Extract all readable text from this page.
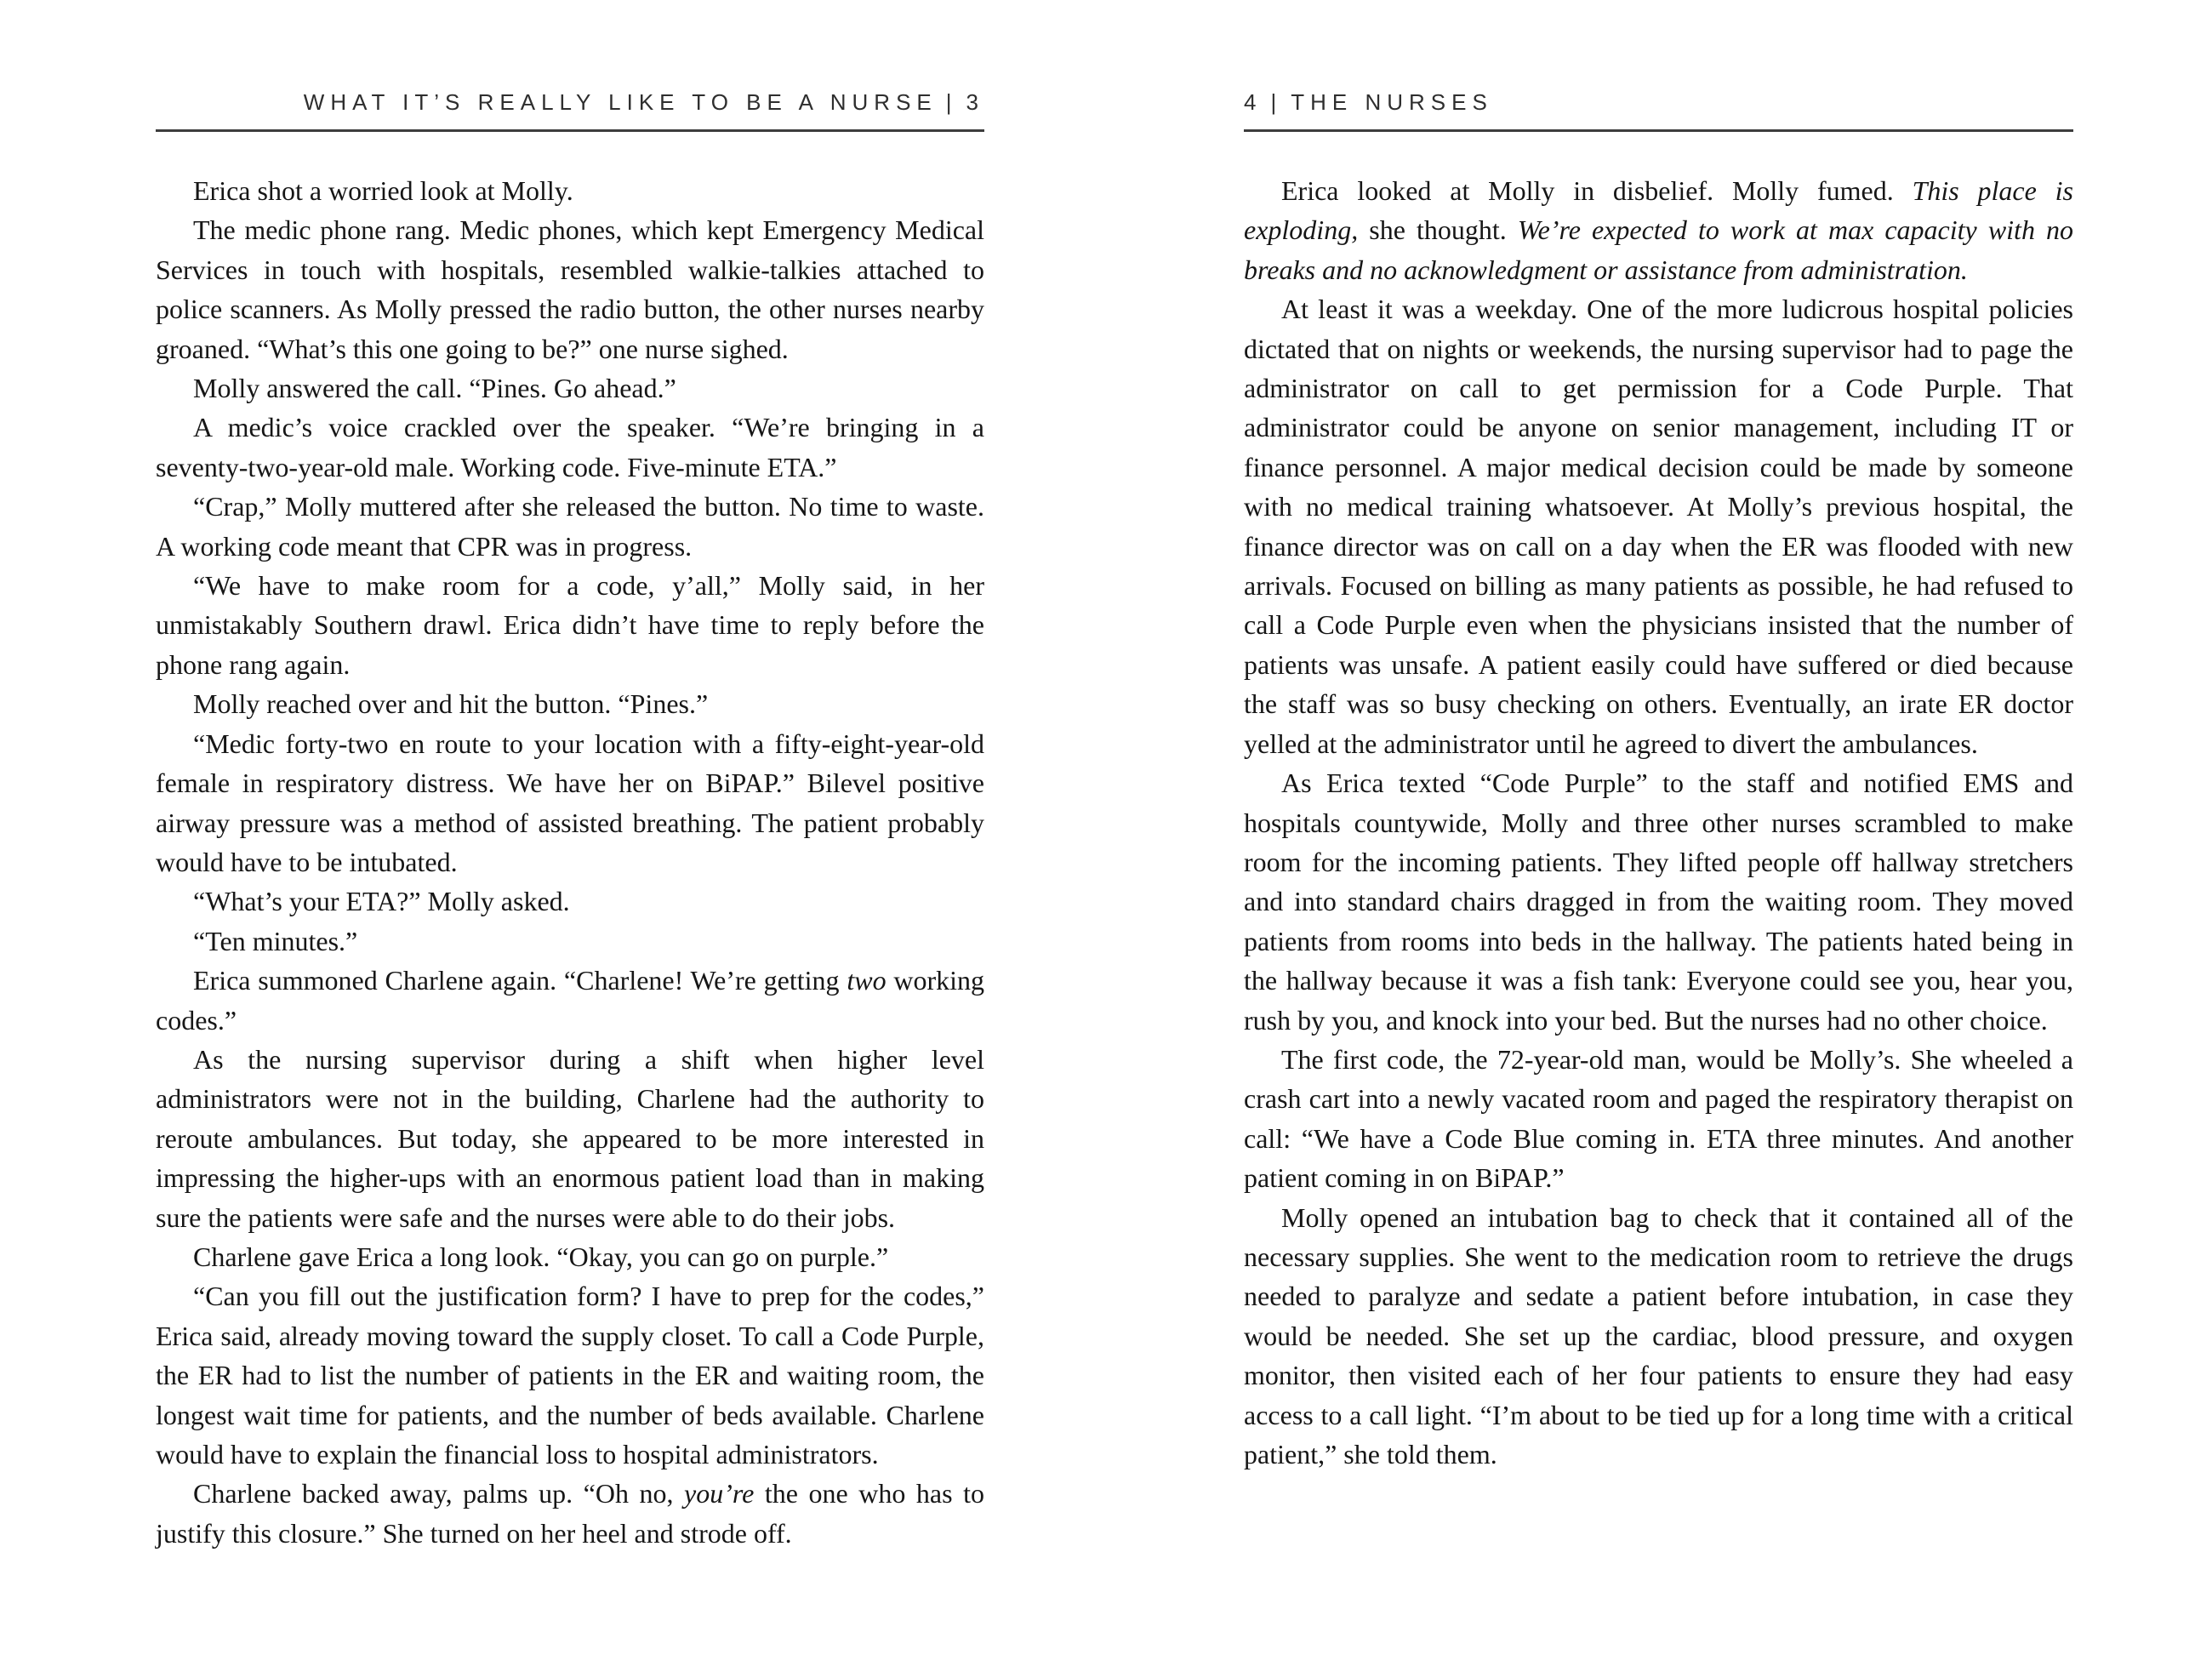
WHAT IT’S REALLY LIKE TO BE A NURSE | 3

Erica shot a worried look at Molly.

The medic phone rang. Medic phones, which kept Emergency Medical Services in touch with hospitals, resembled walkie-talkies attached to police scanners. As Molly pressed the radio button, the other nurses nearby groaned. “What’s this one going to be?” one nurse sighed.

Molly answered the call. “Pines. Go ahead.”

A medic’s voice crackled over the speaker. “We’re bringing in a seventy-two-year-old male. Working code. Five-minute ETA.”

“Crap,” Molly muttered after she released the button. No time to waste. A working code meant that CPR was in progress.

“We have to make room for a code, y’all,” Molly said, in her unmistakably Southern drawl. Erica didn’t have time to reply before the phone rang again.

Molly reached over and hit the button. “Pines.”

“Medic forty-two en route to your location with a fifty-eight-year-old female in respiratory distress. We have her on BiPAP.” Bilevel positive airway pressure was a method of assisted breathing. The patient probably would have to be intubated.

“What’s your ETA?” Molly asked.

“Ten minutes.”

Erica summoned Charlene again. “Charlene! We’re getting two working codes.”

As the nursing supervisor during a shift when higher level administrators were not in the building, Charlene had the authority to reroute ambulances. But today, she appeared to be more interested in impressing the higher-ups with an enormous patient load than in making sure the patients were safe and the nurses were able to do their jobs.

Charlene gave Erica a long look. “Okay, you can go on purple.”

“Can you fill out the justification form? I have to prep for the codes,” Erica said, already moving toward the supply closet. To call a Code Purple, the ER had to list the number of patients in the ER and waiting room, the longest wait time for patients, and the number of beds available. Charlene would have to explain the financial loss to hospital administrators.

Charlene backed away, palms up. “Oh no, you’re the one who has to justify this closure.” She turned on her heel and strode off.

4 | THE NURSES

Erica looked at Molly in disbelief. Molly fumed. This place is exploding, she thought. We’re expected to work at max capacity with no breaks and no acknowledgment or assistance from administration.

At least it was a weekday. One of the more ludicrous hospital policies dictated that on nights or weekends, the nursing supervisor had to page the administrator on call to get permission for a Code Purple. That administrator could be anyone on senior management, including IT or finance personnel. A major medical decision could be made by someone with no medical training whatsoever. At Molly’s previous hospital, the finance director was on call on a day when the ER was flooded with new arrivals. Focused on billing as many patients as possible, he had refused to call a Code Purple even when the physicians insisted that the number of patients was unsafe. A patient easily could have suffered or died because the staff was so busy checking on others. Eventually, an irate ER doctor yelled at the administrator until he agreed to divert the ambulances.

As Erica texted “Code Purple” to the staff and notified EMS and hospitals countywide, Molly and three other nurses scrambled to make room for the incoming patients. They lifted people off hallway stretchers and into standard chairs dragged in from the waiting room. They moved patients from rooms into beds in the hallway. The patients hated being in the hallway because it was a fish tank: Everyone could see you, hear you, rush by you, and knock into your bed. But the nurses had no other choice.

The first code, the 72-year-old man, would be Molly’s. She wheeled a crash cart into a newly vacated room and paged the respiratory therapist on call: “We have a Code Blue coming in. ETA three minutes. And another patient coming in on BiPAP.”

Molly opened an intubation bag to check that it contained all of the necessary supplies. She went to the medication room to retrieve the drugs needed to paralyze and sedate a patient before intubation, in case they would be needed. She set up the cardiac, blood pressure, and oxygen monitor, then visited each of her four patients to ensure they had easy access to a call light. “I’m about to be tied up for a long time with a critical patient,” she told them.
